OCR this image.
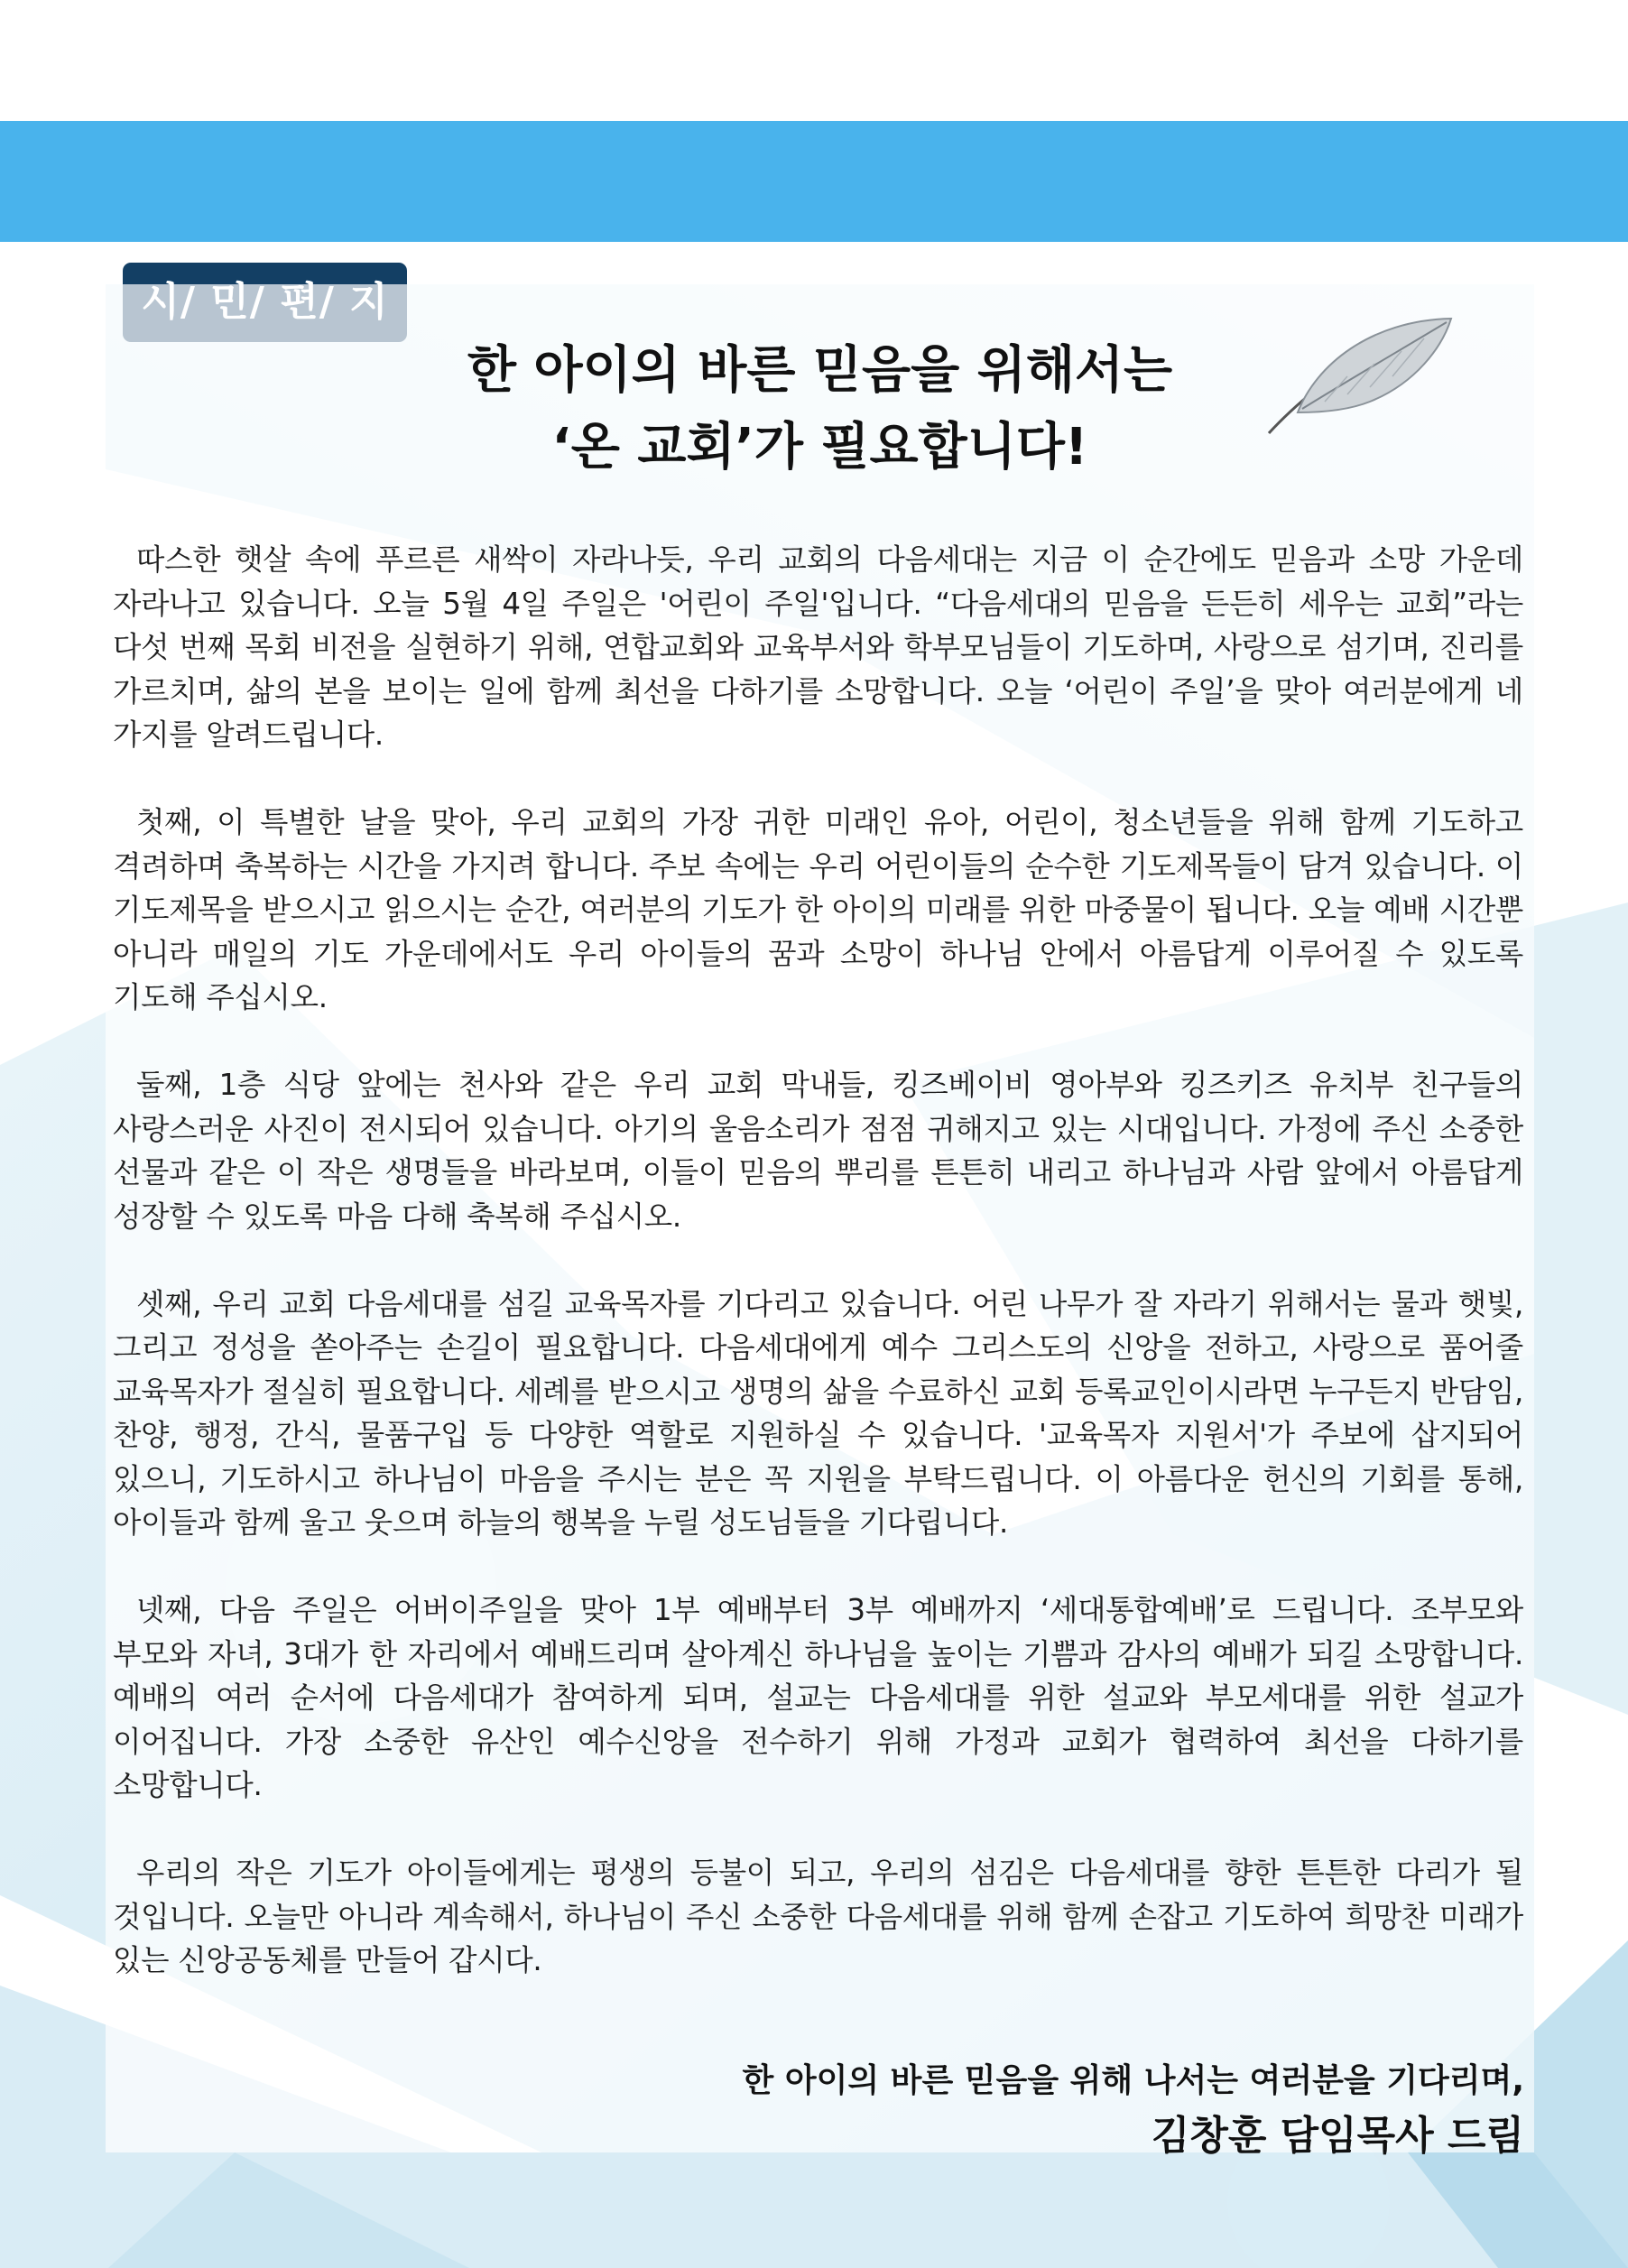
한 아이의 바른 믿음을 위해서는
‘온 교회’가 필요합니다!

따스한 햇살 속에 푸르른 새싹이 자라나듯, 우리 교회의 다음세대는 지금 이 순간에도 믿음과 소망 가운데 자라나고 있습니다. 오늘 5월 4일 주일은 '어린이 주일'입니다. “다음세대의 믿음을 든든히 세우는 교회”라는 다섯 번째 목회 비전을 실현하기 위해, 연합교회와 교육부서와 학부모님들이 기도하며, 사랑으로 섬기며, 진리를 가르치며, 삶의 본을 보이는 일에 함께 최선을 다하기를 소망합니다. 오늘 ‘어린이 주일’을 맞아 여러분에게 네 가지를 알려드립니다.

첫째, 이 특별한 날을 맞아, 우리 교회의 가장 귀한 미래인 유아, 어린이, 청소년들을 위해 함께 기도하고 격려하며 축복하는 시간을 가지려 합니다. 주보 속에는 우리 어린이들의 순수한 기도제목들이 담겨 있습니다. 이 기도제목을 받으시고 읽으시는 순간, 여러분의 기도가 한 아이의 미래를 위한 마중물이 됩니다. 오늘 예배 시간뿐 아니라 매일의 기도 가운데에서도 우리 아이들의 꿈과 소망이 하나님 안에서 아름답게 이루어질 수 있도록 기도해 주십시오.

둘째, 1층 식당 앞에는 천사와 같은 우리 교회 막내들, 킹즈베이비 영아부와 킹즈키즈 유치부 친구들의 사랑스러운 사진이 전시되어 있습니다. 아기의 울음소리가 점점 귀해지고 있는 시대입니다. 가정에 주신 소중한 선물과 같은 이 작은 생명들을 바라보며, 이들이 믿음의 뿌리를 튼튼히 내리고 하나님과 사람 앞에서 아름답게 성장할 수 있도록 마음 다해 축복해 주십시오.

셋째, 우리 교회 다음세대를 섬길 교육목자를 기다리고 있습니다. 어린 나무가 잘 자라기 위해서는 물과 햇빛, 그리고 정성을 쏟아주는 손길이 필요합니다. 다음세대에게 예수 그리스도의 신앙을 전하고, 사랑으로 품어줄 교육목자가 절실히 필요합니다. 세례를 받으시고 생명의 삶을 수료하신 교회 등록교인이시라면 누구든지 반담임, 찬양, 행정, 간식, 물품구입 등 다양한 역할로 지원하실 수 있습니다. '교육목자 지원서'가 주보에 삽지되어 있으니, 기도하시고 하나님이 마음을 주시는 분은 꼭 지원을 부탁드립니다. 이 아름다운 헌신의 기회를 통해, 아이들과 함께 울고 웃으며 하늘의 행복을 누릴 성도님들을 기다립니다.

넷째, 다음 주일은 어버이주일을 맞아 1부 예배부터 3부 예배까지 ‘세대통합예배’로 드립니다. 조부모와 부모와 자녀, 3대가 한 자리에서 예배드리며 살아계신 하나님을 높이는 기쁨과 감사의 예배가 되길 소망합니다. 예배의 여러 순서에 다음세대가 참여하게 되며, 설교는 다음세대를 위한 설교와 부모세대를 위한 설교가 이어집니다. 가장 소중한 유산인 예수신앙을 전수하기 위해 가정과 교회가 협력하여 최선을 다하기를 소망합니다.

우리의 작은 기도가 아이들에게는 평생의 등불이 되고, 우리의 섬김은 다음세대를 향한 튼튼한 다리가 될 것입니다. 오늘만 아니라 계속해서, 하나님이 주신 소중한 다음세대를 위해 함께 손잡고 기도하여 희망찬 미래가 있는 신앙공동체를 만들어 갑시다.

한 아이의 바른 믿음을 위해 나서는 여러분을 기다리며,
김창훈 담임목사 드림
